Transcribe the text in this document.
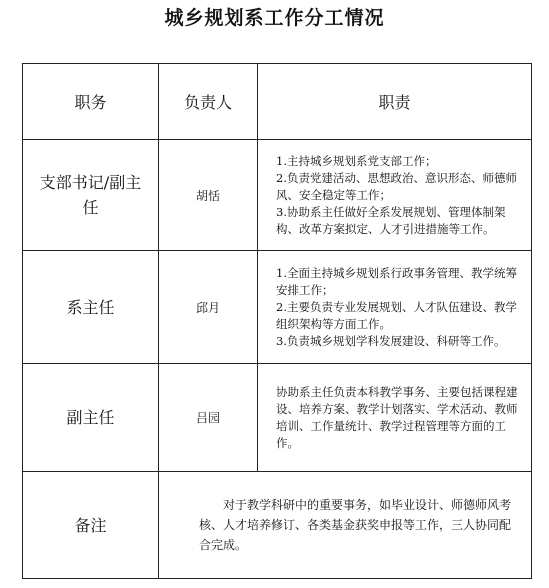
城乡规划系工作分工情况
职务	负责人	职责
支部书记/副主任	胡恬	1.主持城乡规划系党支部工作；
2.负责党建活动、思想政治、意识形态、师德师风、安全稳定等工作；
3.协助系主任做好全系发展规划、管理体制架构、改革方案拟定、人才引进措施等工作。

系主任	邱月	1.全面主持城乡规划系行政事务管理、教学统筹安排工作；
2.主要负责专业发展规划、人才队伍建设、教学组织架构等方面工作。
3.负责城乡规划学科发展建设、科研等工作。

副主任	吕园	协助系主任负责本科教学事务、主要包括课程建设、培养方案、教学计划落实、学术活动、教师培训、工作量统计、教学过程管理等方面的工作。

备注	对于教学科研中的重要事务，如毕业设计、师德师风考核、人才培养修订、各类基金获奖申报等工作，三人协同配合完成。	
